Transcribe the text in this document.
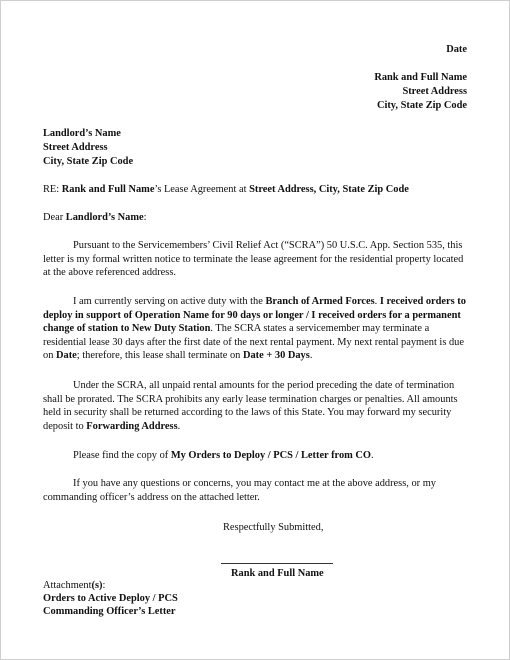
Date
Rank and Full Name
Street Address
City, State Zip Code
Landlord’s Name
Street Address
City, State Zip Code
RE: Rank and Full Name’s Lease Agreement at Street Address, City, State Zip Code
Dear Landlord’s Name:

Pursuant to the Servicemembers’ Civil Relief Act (“SCRA”) 50 U.S.C. App. Section 535, this letter is my formal written notice to terminate the lease agreement for the residential property located at the above referenced address.

I am currently serving on active duty with the Branch of Armed Forces. I received orders to deploy in support of Operation Name for 90 days or longer / I received orders for a permanent change of station to New Duty Station. The SCRA states a servicemember may terminate a residential lease 30 days after the first date of the next rental payment. My next rental payment is due on Date; therefore, this lease shall terminate on Date + 30 Days.

Under the SCRA, all unpaid rental amounts for the period preceding the date of termination shall be prorated. The SCRA prohibits any early lease termination charges or penalties. All amounts held in security shall be returned according to the laws of this State. You may forward my security deposit to Forwarding Address.

Please find the copy of My Orders to Deploy / PCS / Letter from CO.

If you have any questions or concerns, you may contact me at the above address, or my commanding officer’s address on the attached letter.

Respectfully Submitted,
Rank and Full Name
Attachment(s):
Orders to Active Deploy / PCS
Commanding Officer’s Letter
